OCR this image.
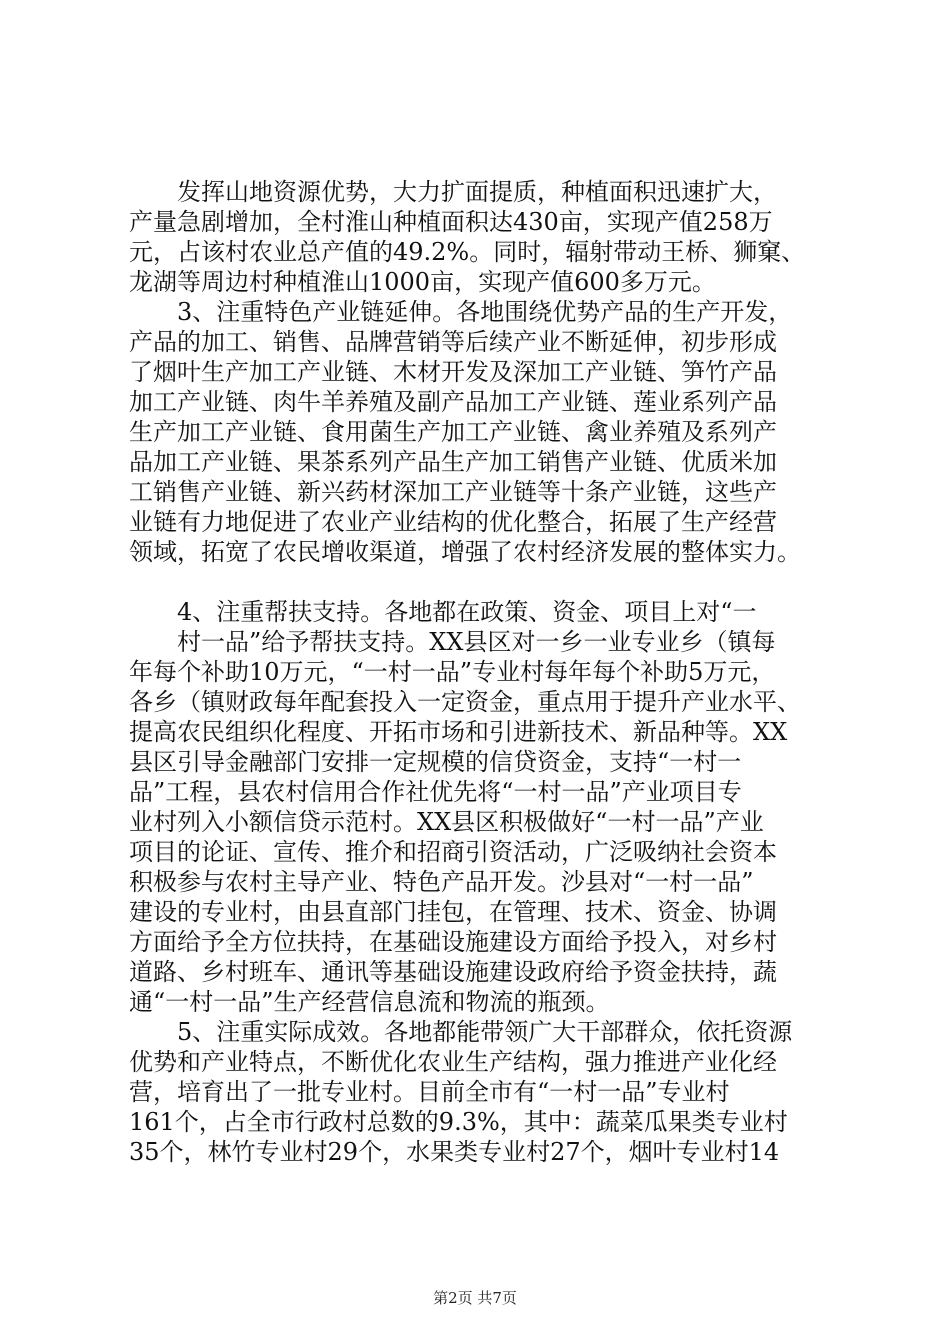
　　发挥山地资源优势，大力扩面提质，种植面积迅速扩大，
产量急剧增加，全村淮山种植面积达430亩，实现产值258万
元，占该村农业总产值的49.2%。同时，辐射带动王桥、狮窠、
龙湖等周边村种植淮山1000亩，实现产值600多万元。
　　3、注重特色产业链延伸。各地围绕优势产品的生产开发，
产品的加工、销售、品牌营销等后续产业不断延伸，初步形成
了烟叶生产加工产业链、木材开发及深加工产业链、笋竹产品
加工产业链、肉牛羊养殖及副产品加工产业链、莲业系列产品
生产加工产业链、食用菌生产加工产业链、禽业养殖及系列产
品加工产业链、果茶系列产品生产加工销售产业链、优质米加
工销售产业链、新兴药材深加工产业链等十条产业链，这些产
业链有力地促进了农业产业结构的优化整合，拓展了生产经营
领域，拓宽了农民增收渠道，增强了农村经济发展的整体实力。
　　4、注重帮扶支持。各地都在政策、资金、项目上对“一
　　村一品”给予帮扶支持。XX县区对一乡一业专业乡（镇每
年每个补助10万元，“一村一品”专业村每年每个补助5万元，
各乡（镇财政每年配套投入一定资金，重点用于提升产业水平、
提高农民组织化程度、开拓市场和引进新技术、新品种等。XX
县区引导金融部门安排一定规模的信贷资金，支持“一村一
品”工程，县农村信用合作社优先将“一村一品”产业项目专
业村列入小额信贷示范村。XX县区积极做好“一村一品”产业
项目的论证、宣传、推介和招商引资活动，广泛吸纳社会资本
积极参与农村主导产业、特色产品开发。沙县对“一村一品”
建设的专业村，由县直部门挂包，在管理、技术、资金、协调
方面给予全方位扶持，在基础设施建设方面给予投入，对乡村
道路、乡村班车、通讯等基础设施建设政府给予资金扶持，蔬
通“一村一品”生产经营信息流和物流的瓶颈。
　　5、注重实际成效。各地都能带领广大干部群众，依托资源
优势和产业特点，不断优化农业生产结构，强力推进产业化经
营，培育出了一批专业村。目前全市有“一村一品”专业村
161个，占全市行政村总数的9.3%，其中：蔬菜瓜果类专业村
35个，林竹专业村29个，水果类专业村27个，烟叶专业村14
第2页 共7页
